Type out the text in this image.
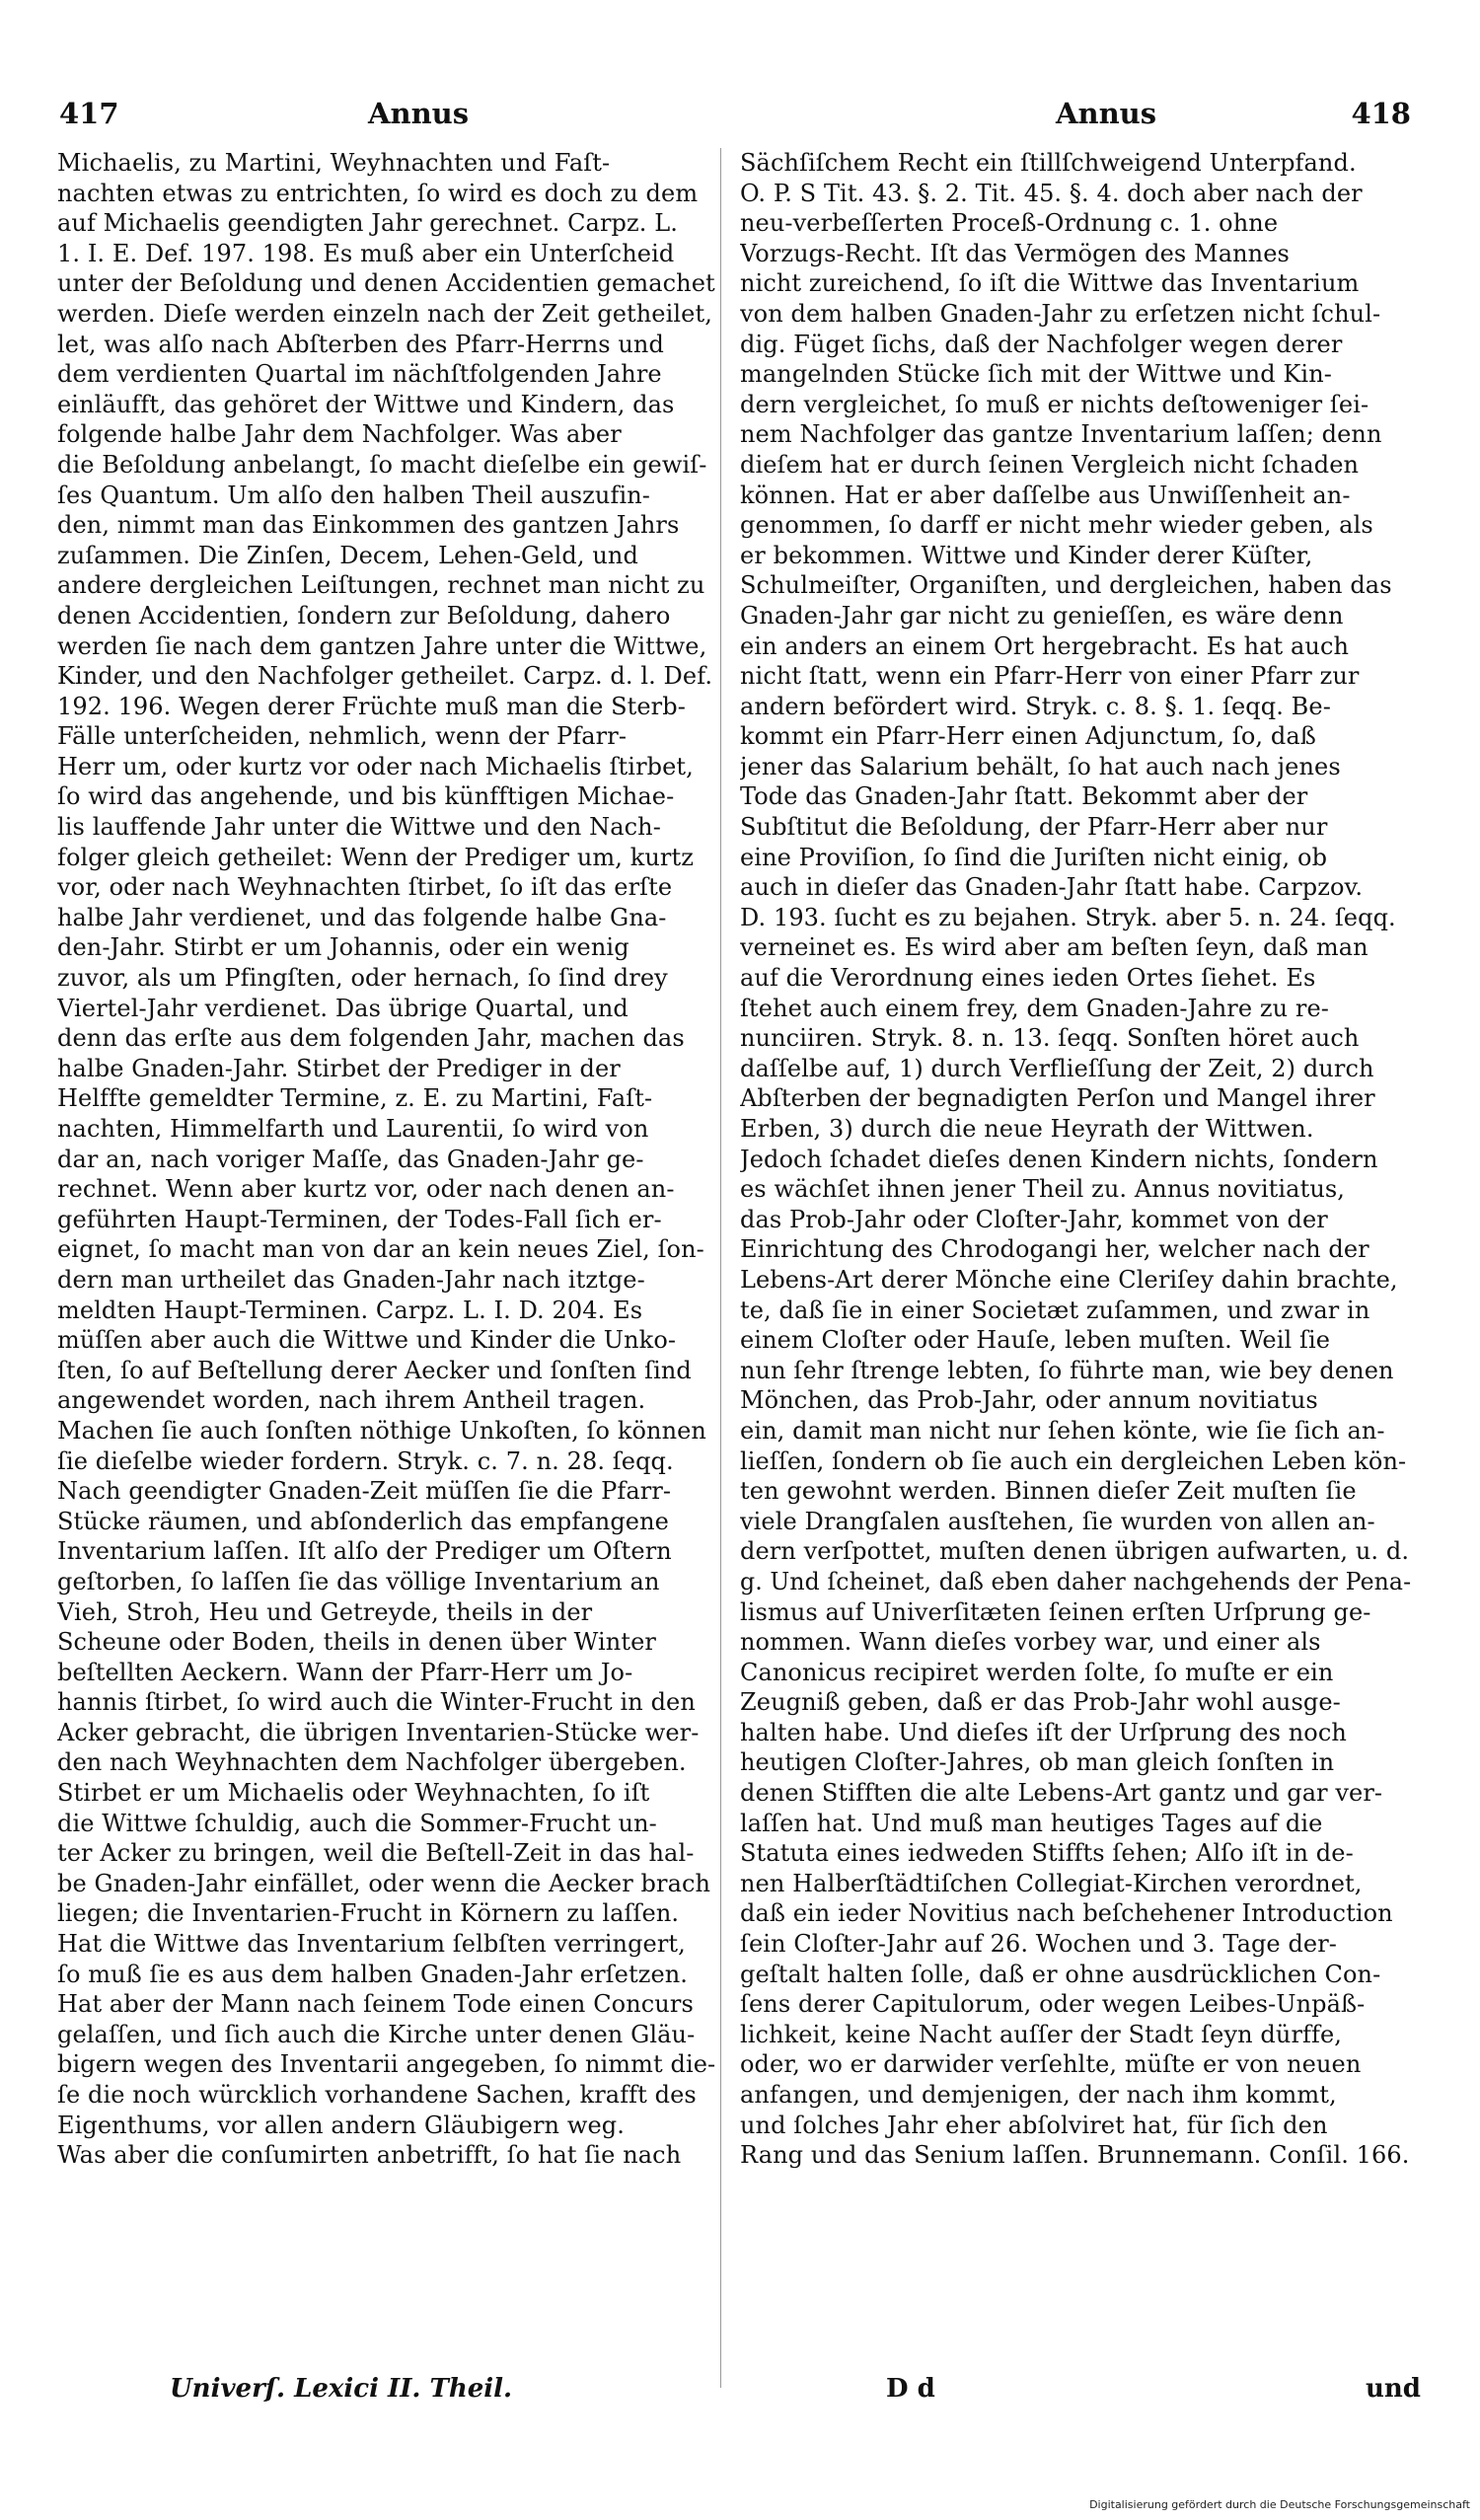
417	Annus	Annus	418
Michaelis, zu Martini, Weyhnachten und Faſt-
nachten etwas zu entrichten, ſo wird es doch zu dem
auf Michaelis geendigten Jahr gerechnet. Carpz. L.
1. I. E. Def. 197. 198. Es muß aber ein Unterſcheid
unter der Beſoldung und denen Accidentien gemachet
werden. Dieſe werden einzeln nach der Zeit getheilet,
let, was alſo nach Abſterben des Pfarr-Herrns und
dem verdienten Quartal im nächſtfolgenden Jahre
einläufft, das gehöret der Wittwe und Kindern, das
folgende halbe Jahr dem Nachfolger. Was aber
die Beſoldung anbelangt, ſo macht dieſelbe ein gewiſ-
ſes Quantum. Um alſo den halben Theil auszufin-
den, nimmt man das Einkommen des gantzen Jahrs
zuſammen. Die Zinſen, Decem, Lehen-Geld, und
andere dergleichen Leiſtungen, rechnet man nicht zu
denen Accidentien, ſondern zur Beſoldung, dahero
werden ſie nach dem gantzen Jahre unter die Wittwe,
Kinder, und den Nachfolger getheilet. Carpz. d. l. Def.
192. 196. Wegen derer Früchte muß man die Sterb-
Fälle unterſcheiden, nehmlich, wenn der Pfarr-
Herr um, oder kurtz vor oder nach Michaelis ſtirbet,
ſo wird das angehende, und bis künfftigen Michae-
lis lauffende Jahr unter die Wittwe und den Nach-
folger gleich getheilet: Wenn der Prediger um, kurtz
vor, oder nach Weyhnachten ſtirbet, ſo iſt das erſte
halbe Jahr verdienet, und das folgende halbe Gna-
den-Jahr. Stirbt er um Johannis, oder ein wenig
zuvor, als um Pfingſten, oder hernach, ſo ſind drey
Viertel-Jahr verdienet. Das übrige Quartal, und
denn das erſte aus dem folgenden Jahr, machen das
halbe Gnaden-Jahr. Stirbet der Prediger in der
Helffte gemeldter Termine, z. E. zu Martini, Faſt-
nachten, Himmelfarth und Laurentii, ſo wird von
dar an, nach voriger Maſſe, das Gnaden-Jahr ge-
rechnet. Wenn aber kurtz vor, oder nach denen an-
geführten Haupt-Terminen, der Todes-Fall ſich er-
eignet, ſo macht man von dar an kein neues Ziel, ſon-
dern man urtheilet das Gnaden-Jahr nach itztge-
meldten Haupt-Terminen. Carpz. L. I. D. 204. Es
müſſen aber auch die Wittwe und Kinder die Unko-
ſten, ſo auf Beſtellung derer Aecker und ſonſten ſind
angewendet worden, nach ihrem Antheil tragen.
Machen ſie auch ſonſten nöthige Unkoſten, ſo können
ſie dieſelbe wieder fordern. Stryk. c. 7. n. 28. ſeqq.
Nach geendigter Gnaden-Zeit müſſen ſie die Pfarr-
Stücke räumen, und abſonderlich das empfangene
Inventarium laſſen. Iſt alſo der Prediger um Oſtern
geſtorben, ſo laſſen ſie das völlige Inventarium an
Vieh, Stroh, Heu und Getreyde, theils in der
Scheune oder Boden, theils in denen über Winter
beſtellten Aeckern. Wann der Pfarr-Herr um Jo-
hannis ſtirbet, ſo wird auch die Winter-Frucht in den
Acker gebracht, die übrigen Inventarien-Stücke wer-
den nach Weyhnachten dem Nachfolger übergeben.
Stirbet er um Michaelis oder Weyhnachten, ſo iſt
die Wittwe ſchuldig, auch die Sommer-Frucht un-
ter Acker zu bringen, weil die Beſtell-Zeit in das hal-
be Gnaden-Jahr einfället, oder wenn die Aecker brach
liegen; die Inventarien-Frucht in Körnern zu laſſen.
Hat die Wittwe das Inventarium ſelbſten verringert,
ſo muß ſie es aus dem halben Gnaden-Jahr erſetzen.
Hat aber der Mann nach ſeinem Tode einen Concurs
gelaſſen, und ſich auch die Kirche unter denen Gläu-
bigern wegen des Inventarii angegeben, ſo nimmt die-
ſe die noch würcklich vorhandene Sachen, krafft des
Eigenthums, vor allen andern Gläubigern weg.
Was aber die conſumirten anbetrifft, ſo hat ſie nach
Sächſiſchem Recht ein ſtillſchweigend Unterpfand.
O. P. S Tit. 43. §. 2. Tit. 45. §. 4. doch aber nach der
neu-verbeſſerten Proceß-Ordnung c. 1. ohne
Vorzugs-Recht. Iſt das Vermögen des Mannes
nicht zureichend, ſo iſt die Wittwe das Inventarium
von dem halben Gnaden-Jahr zu erſetzen nicht ſchul-
dig. Füget ſichs, daß der Nachfolger wegen derer
mangelnden Stücke ſich mit der Wittwe und Kin-
dern vergleichet, ſo muß er nichts deſtoweniger ſei-
nem Nachfolger das gantze Inventarium laſſen; denn
dieſem hat er durch ſeinen Vergleich nicht ſchaden
können. Hat er aber daſſelbe aus Unwiſſenheit an-
genommen, ſo darff er nicht mehr wieder geben, als
er bekommen. Wittwe und Kinder derer Küſter,
Schulmeiſter, Organiſten, und dergleichen, haben das
Gnaden-Jahr gar nicht zu genieſſen, es wäre denn
ein anders an einem Ort hergebracht. Es hat auch
nicht ſtatt, wenn ein Pfarr-Herr von einer Pfarr zur
andern befördert wird. Stryk. c. 8. §. 1. ſeqq. Be-
kommt ein Pfarr-Herr einen Adjunctum, ſo, daß
jener das Salarium behält, ſo hat auch nach jenes
Tode das Gnaden-Jahr ſtatt. Bekommt aber der
Subſtitut die Beſoldung, der Pfarr-Herr aber nur
eine Proviſion, ſo ſind die Juriſten nicht einig, ob
auch in dieſer das Gnaden-Jahr ſtatt habe. Carpzov.
D. 193. ſucht es zu bejahen. Stryk. aber 5. n. 24. ſeqq.
verneinet es. Es wird aber am beſten ſeyn, daß man
auf die Verordnung eines ieden Ortes ſiehet. Es
ſtehet auch einem frey, dem Gnaden-Jahre zu re-
nunciiren. Stryk. 8. n. 13. ſeqq. Sonſten höret auch
daſſelbe auf, 1) durch Verflieſſung der Zeit, 2) durch
Abſterben der begnadigten Perſon und Mangel ihrer
Erben, 3) durch die neue Heyrath der Wittwen.
Jedoch ſchadet dieſes denen Kindern nichts, ſondern
es wächſet ihnen jener Theil zu. Annus novitiatus,
das Prob-Jahr oder Cloſter-Jahr, kommet von der
Einrichtung des Chrodogangi her, welcher nach der
Lebens-Art derer Mönche eine Cleriſey dahin brachte,
te, daß ſie in einer Societæt zuſammen, und zwar in
einem Cloſter oder Hauſe, leben muſten. Weil ſie
nun ſehr ſtrenge lebten, ſo führte man, wie bey denen
Mönchen, das Prob-Jahr, oder annum novitiatus
ein, damit man nicht nur ſehen könte, wie ſie ſich an-
lieſſen, ſondern ob ſie auch ein dergleichen Leben kön-
ten gewohnt werden. Binnen dieſer Zeit muſten ſie
viele Drangſalen ausſtehen, ſie wurden von allen an-
dern verſpottet, muſten denen übrigen aufwarten, u. d.
g. Und ſcheinet, daß eben daher nachgehends der Pena-
lismus auf Univerſitæten ſeinen erſten Urſprung ge-
nommen. Wann dieſes vorbey war, und einer als
Canonicus recipiret werden ſolte, ſo muſte er ein
Zeugniß geben, daß er das Prob-Jahr wohl ausge-
halten habe. Und dieſes iſt der Urſprung des noch
heutigen Cloſter-Jahres, ob man gleich ſonſten in
denen Stifften die alte Lebens-Art gantz und gar ver-
laſſen hat. Und muß man heutiges Tages auf die
Statuta eines iedweden Stiffts ſehen; Alſo iſt in de-
nen Halberſtädtiſchen Collegiat-Kirchen verordnet,
daß ein ieder Novitius nach beſchehener Introduction
ſein Cloſter-Jahr auf 26. Wochen und 3. Tage der-
geſtalt halten ſolle, daß er ohne ausdrücklichen Con-
ſens derer Capitulorum, oder wegen Leibes-Unpäß-
lichkeit, keine Nacht auſſer der Stadt ſeyn dürffe,
oder, wo er darwider verſehlte, müſte er von neuen
anfangen, und demjenigen, der nach ihm kommt,
und ſolches Jahr eher abſolviret hat, für ſich den
Rang und das Senium laſſen. Brunnemann. Conſil. 166.
Univerſ. Lexici II. Theil.	D d	und
Digitalisierung gefördert durch die Deutsche Forschungsgemeinschaft
